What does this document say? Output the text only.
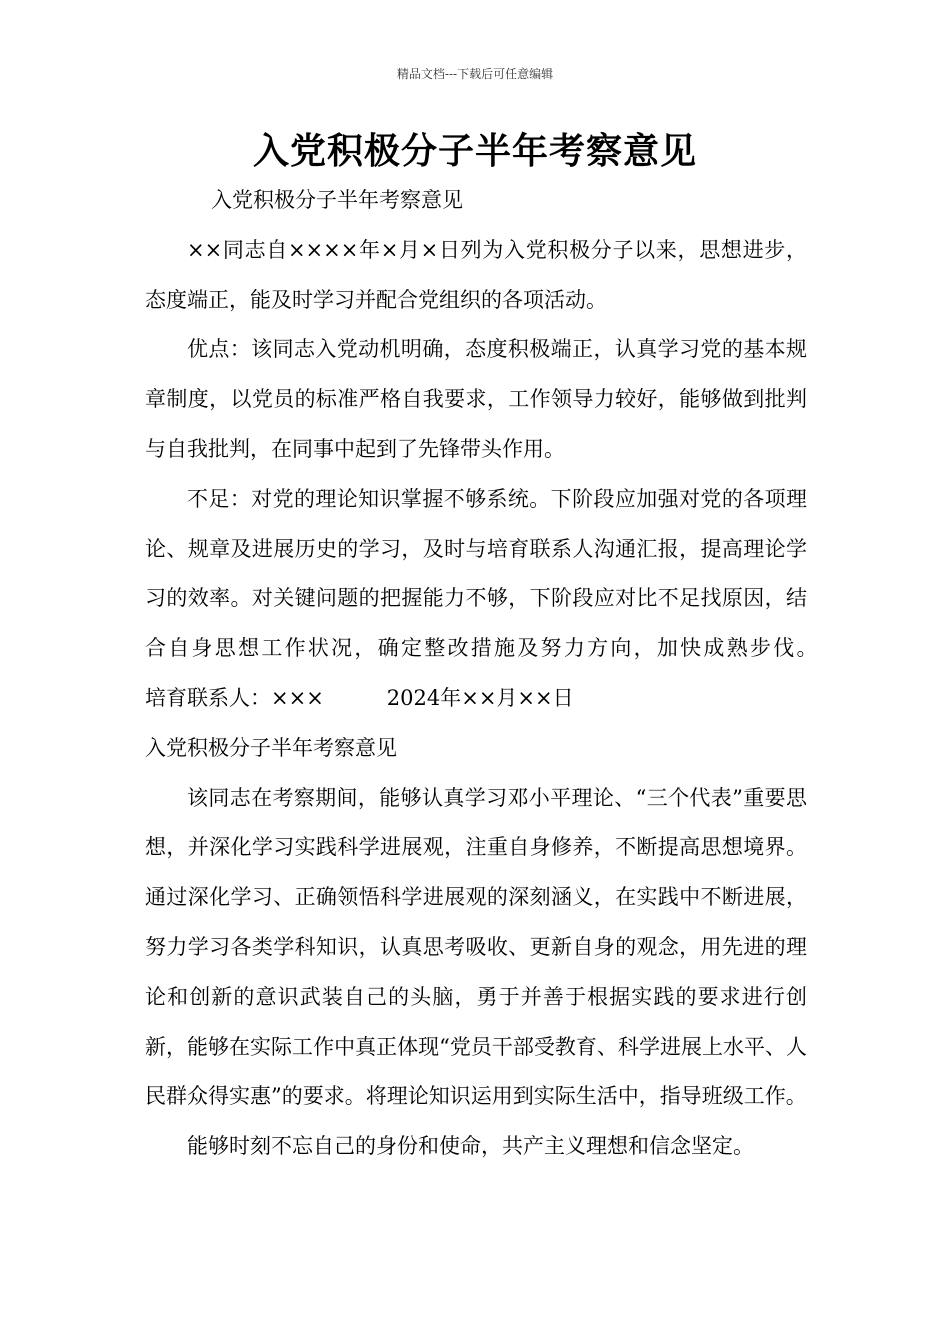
精品文档---下载后可任意编辑
入党积极分子半年考察意见

入党积极分子半年考察意见

××同志自××××年×月×日列为入党积极分子以来，思想进步，态度端正，能及时学习并配合党组织的各项活动。

优点：该同志入党动机明确，态度积极端正，认真学习党的基本规章制度，以党员的标准严格自我要求，工作领导力较好，能够做到批判与自我批判，在同事中起到了先锋带头作用。

不足：对党的理论知识掌握不够系统。下阶段应加强对党的各项理论、规章及进展历史的学习，及时与培育联系人沟通汇报，提高理论学习的效率。对关键问题的把握能力不够，下阶段应对比不足找原因，结合自身思想工作状况，确定整改措施及努力方向，加快成熟步伐。　　　培育联系人：×××　　　2024年××月××日

入党积极分子半年考察意见

该同志在考察期间，能够认真学习邓小平理论、“三个代表”重要思想，并深化学习实践科学进展观，注重自身修养，不断提高思想境界。通过深化学习、正确领悟科学进展观的深刻涵义，在实践中不断进展，努力学习各类学科知识，认真思考吸收、更新自身的观念，用先进的理论和创新的意识武装自己的头脑，勇于并善于根据实践的要求进行创新，能够在实际工作中真正体现“党员干部受教育、科学进展上水平、人民群众得实惠”的要求。将理论知识运用到实际生活中，指导班级工作。

能够时刻不忘自己的身份和使命，共产主义理想和信念坚定。
